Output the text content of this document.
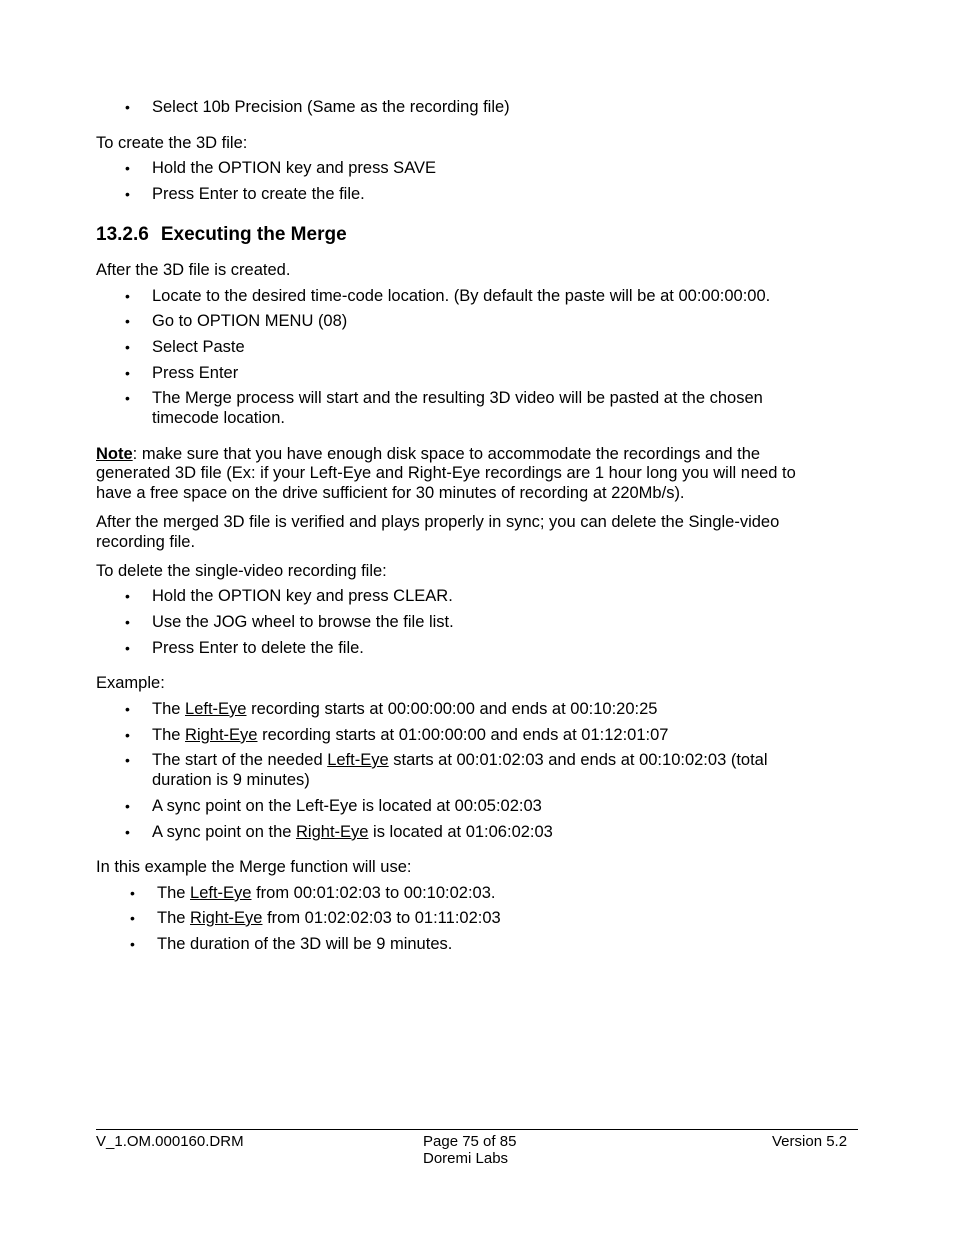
• Select 10b Precision (Same as the recording file)
To create the 3D file:
• Hold the OPTION key and press SAVE
• Press Enter to create the file.
13.2.6 Executing the Merge
After the 3D file is created.
• Locate to the desired time-code location. (By default the paste will be at 00:00:00:00.
• Go to OPTION MENU (08)
• Select Paste
• Press Enter
• The Merge process will start and the resulting 3D video will be pasted at the chosen
timecode location.
Note: make sure that you have enough disk space to accommodate the recordings and the
generated 3D file (Ex: if your Left-Eye and Right-Eye recordings are 1 hour long you will need to
have a free space on the drive sufficient for 30 minutes of recording at 220Mb/s).
After the merged 3D file is verified and plays properly in sync; you can delete the Single-video
recording file.
To delete the single-video recording file:
• Hold the OPTION key and press CLEAR.
• Use the JOG wheel to browse the file list.
• Press Enter to delete the file.
Example:
• The Left-Eye recording starts at 00:00:00:00 and ends at 00:10:20:25
• The Right-Eye recording starts at 01:00:00:00 and ends at 01:12:01:07
• The start of the needed Left-Eye starts at 00:01:02:03 and ends at 00:10:02:03 (total
duration is 9 minutes)
• A sync point on the Left-Eye is located at 00:05:02:03
• A sync point on the Right-Eye is located at 01:06:02:03
In this example the Merge function will use:
• The Left-Eye from 00:01:02:03 to 00:10:02:03.
• The Right-Eye from 01:02:02:03 to 01:11:02:03
• The duration of the 3D will be 9 minutes.
V_1.OM.000160.DRM	Page 75 of 85
Doremi Labs
Version 5.2
